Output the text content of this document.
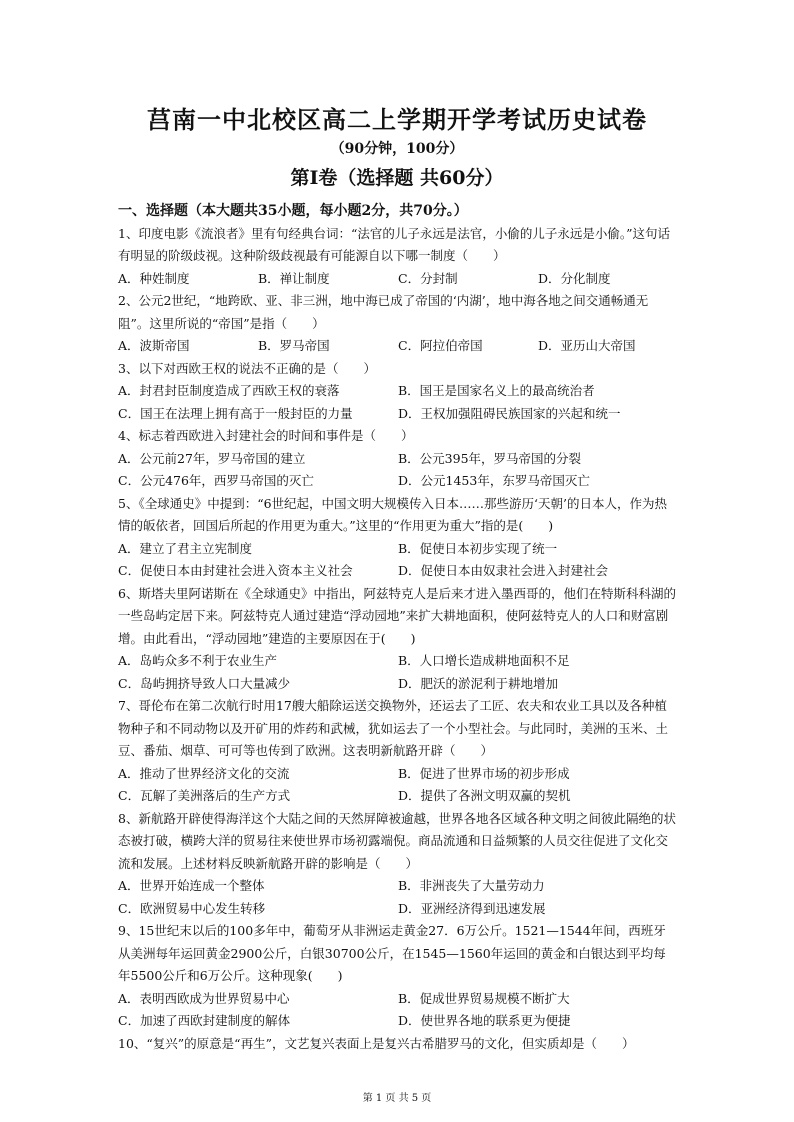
莒南一中北校区高二上学期开学考试历史试卷
（90分钟，100分）
第Ⅰ卷（选择题 共60分）
一、选择题（本大题共35小题，每小题2分，共70分。）
1、印度电影《流浪者》里有句经典台词：“法官的儿子永远是法官，小偷的儿子永远是小偷。”这句话有明显的阶级歧视。这种阶级歧视最有可能源自以下哪一制度（　　）
A．种姓制度	B．禅让制度	C．分封制	D．分化制度
2、公元2世纪，“地跨欧、亚、非三洲，地中海已成了帝国的‘内湖’，地中海各地之间交通畅通无阻”。这里所说的“帝国”是指（　　）
A．波斯帝国	B．罗马帝国	C．阿拉伯帝国	D．亚历山大帝国
3、以下对西欧王权的说法不正确的是（　　）
A．封君封臣制度造成了西欧王权的衰落	B．国王是国家名义上的最高统治者
C．国王在法理上拥有高于一般封臣的力量	D．王权加强阻碍民族国家的兴起和统一
4、标志着西欧进入封建社会的时间和事件是（　　）
A．公元前27年，罗马帝国的建立	B．公元395年，罗马帝国的分裂
C．公元476年，西罗马帝国的灭亡	D．公元1453年，东罗马帝国灭亡
5、《全球通史》中提到：“6世纪起，中国文明大规模传入日本……那些游历‘天朝’的日本人，作为热情的皈依者，回国后所起的作用更为重大。”这里的“作用更为重大”指的是(　　)
A．建立了君主立宪制度	B．促使日本初步实现了统一
C．促使日本由封建社会进入资本主义社会	D．促使日本由奴隶社会进入封建社会
6、斯塔夫里阿诺斯在《全球通史》中指出，阿兹特克人是后来才进入墨西哥的，他们在特斯科科湖的一些岛屿定居下来。阿兹特克人通过建造“浮动园地”来扩大耕地面积，使阿兹特克人的人口和财富剧增。由此看出，“浮动园地”建造的主要原因在于(　　)
A．岛屿众多不利于农业生产	B．人口增长造成耕地面积不足
C．岛屿拥挤导致人口大量减少	D．肥沃的淤泥利于耕地增加
7、哥伦布在第二次航行时用17艘大船除运送交换物外，还运去了工匠、农夫和农业工具以及各种植物种子和不同动物以及开矿用的炸药和武械，犹如运去了一个小型社会。与此同时，美洲的玉米、土豆、番茄、烟草、可可等也传到了欧洲。这表明新航路开辟（　　）
A．推动了世界经济文化的交流	B．促进了世界市场的初步形成
C．瓦解了美洲落后的生产方式	D．提供了各洲文明双赢的契机
8、新航路开辟使得海洋这个大陆之间的天然屏障被逾越，世界各地各区域各种文明之间彼此隔绝的状态被打破，横跨大洋的贸易往来使世界市场初露端倪。商品流通和日益频繁的人员交往促进了文化交流和发展。上述材料反映新航路开辟的影响是（　　）
A．世界开始连成一个整体	B．非洲丧失了大量劳动力
C．欧洲贸易中心发生转移	D．亚洲经济得到迅速发展
9、15世纪末以后的100多年中，葡萄牙从非洲运走黄金27．6万公斤。1521—1544年间，西班牙从美洲每年运回黄金2900公斤，白银30700公斤，在1545—1560年运回的黄金和白银达到平均每年5500公斤和6万公斤。这种现象(　　)
A．表明西欧成为世界贸易中心	B．促成世界贸易规模不断扩大
C．加速了西欧封建制度的解体	D．使世界各地的联系更为便捷
10、“复兴”的原意是“再生”，文艺复兴表面上是复兴古希腊罗马的文化，但实质却是（　　）
第 1 页 共 5 页
